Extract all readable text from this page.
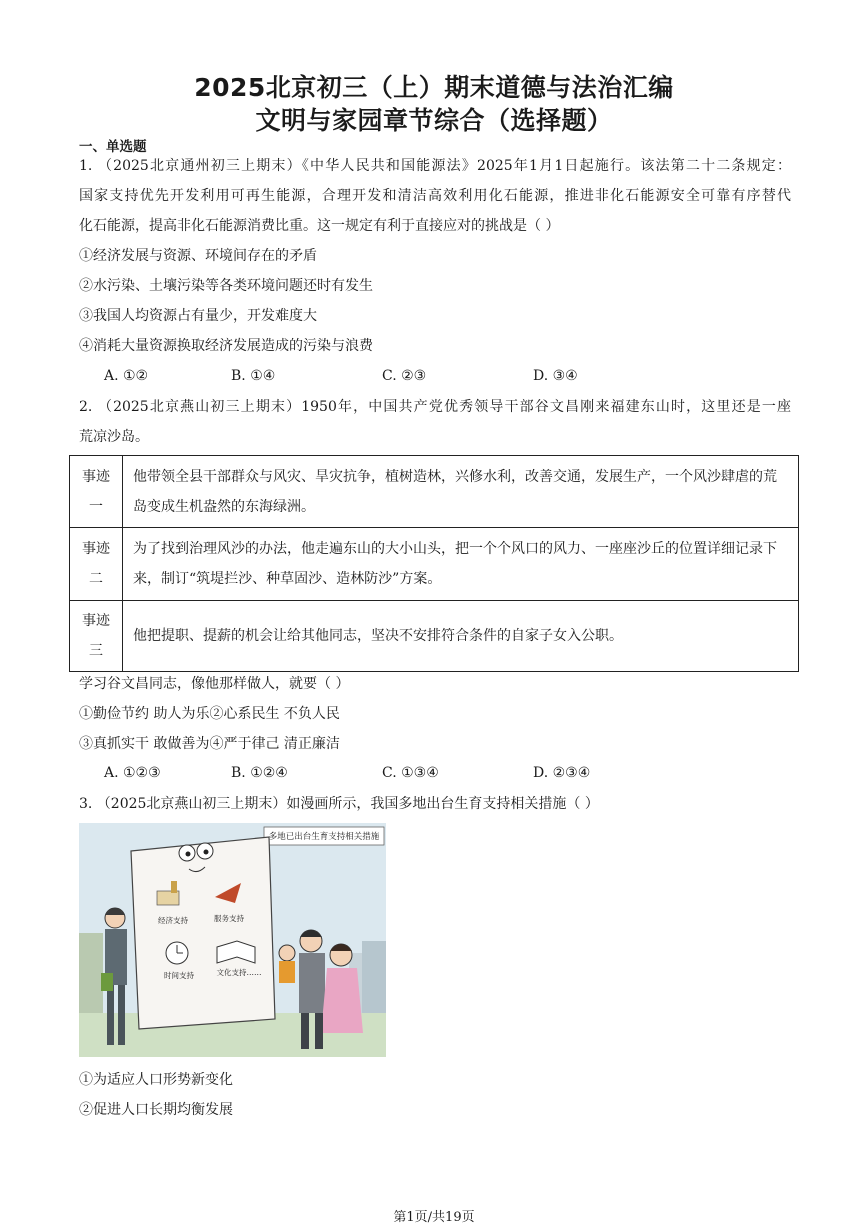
2025北京初三（上）期末道德与法治汇编
文明与家园章节综合（选择题）
一、单选题
1. （2025北京通州初三上期末）《中华人民共和国能源法》2025年1月1日起施行。该法第二十二条规定：
国家支持优先开发利用可再生能源，合理开发和清洁高效利用化石能源，推进非化石能源安全可靠有序替代
化石能源，提高非化石能源消费比重。这一规定有利于直接应对的挑战是（ ）
①经济发展与资源、环境间存在的矛盾
②水污染、土壤污染等各类环境问题还时有发生
③我国人均资源占有量少，开发难度大
④消耗大量资源换取经济发展造成的污染与浪费
A. ①②	B. ①④	C. ②③	D. ③④
2. （2025北京燕山初三上期末）1950年，中国共产党优秀领导干部谷文昌刚来福建东山时，这里还是一座
荒凉沙岛。
事迹
一	他带领全县干部群众与风灾、旱灾抗争，植树造林，兴修水利，改善交通，发展生产，一个风沙肆虐的荒岛变成生机盎然的东海绿洲。
事迹
二	为了找到治理风沙的办法，他走遍东山的大小山头，把一个个风口的风力、一座座沙丘的位置详细记录下来，制订“筑堤拦沙、种草固沙、造林防沙”方案。
事迹
三	他把提职、提薪的机会让给其他同志，坚决不安排符合条件的自家子女入公职。
学习谷文昌同志，像他那样做人，就要（ ）
①勤俭节约 助人为乐②心系民生 不负人民
③真抓实干 敢做善为④严于律己 清正廉洁
A. ①②③	B. ①②④	C. ①③④	D. ②③④
3. （2025北京燕山初三上期末）如漫画所示，我国多地出台生育支持相关措施（ ）
多地已出台生育支持相关措施
经济支持	服务支持
时间支持	文化支持……
①为适应人口形势新变化
②促进人口长期均衡发展
第1页/共19页
